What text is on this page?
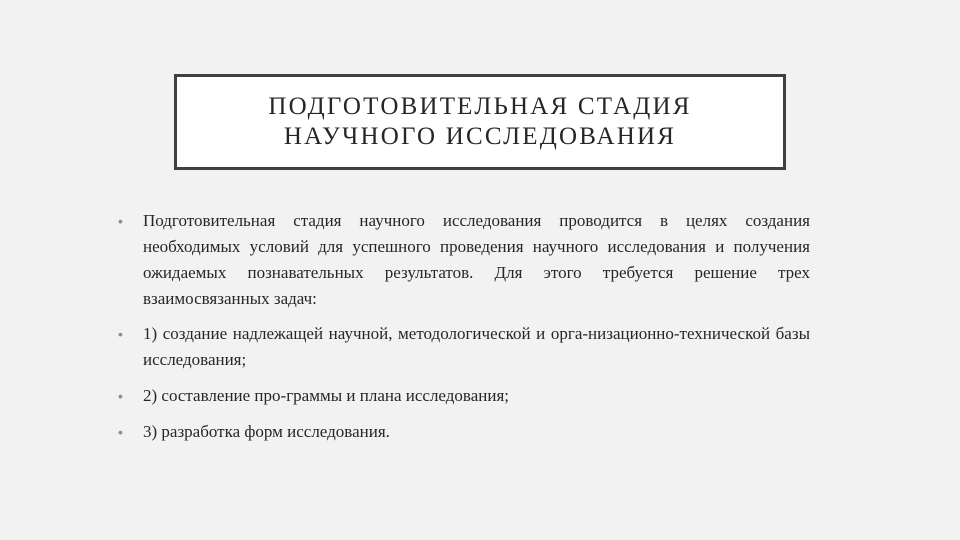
ПОДГОТОВИТЕЛЬНАЯ СТАДИЯ
НАУЧНОГО ИССЛЕДОВАНИЯ
•	Подготовительная стадия научного исследования проводится в целях создания необходимых условий для успешного проведения научного исследования и получения ожидаемых познавательных результатов. Для этого требуется решение трех взаимосвязанных задач:
•	1) создание надлежащей научной, методологической и орга-низационно-технической базы исследования;
•	2) составление про-граммы и плана исследования;
•	3) разработка форм исследования.
